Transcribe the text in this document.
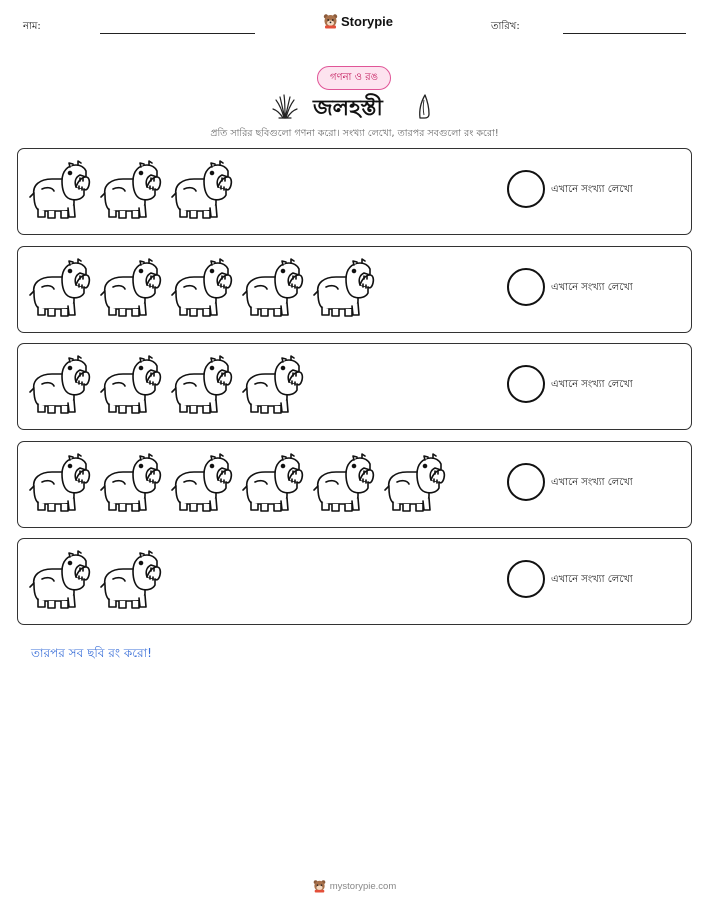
নাম:	Storypie	তারিখ:
গণনা ও রঙ
জলহস্তী
প্রতি সারির ছবিগুলো গণনা করো। সংখ্যা লেখো, তারপর সবগুলো রং করো!
এখানে সংখ্যা লেখো
এখানে সংখ্যা লেখো
এখানে সংখ্যা লেখো
এখানে সংখ্যা লেখো
এখানে সংখ্যা লেখো
তারপর সব ছবি রং করো!
mystorypie.com
